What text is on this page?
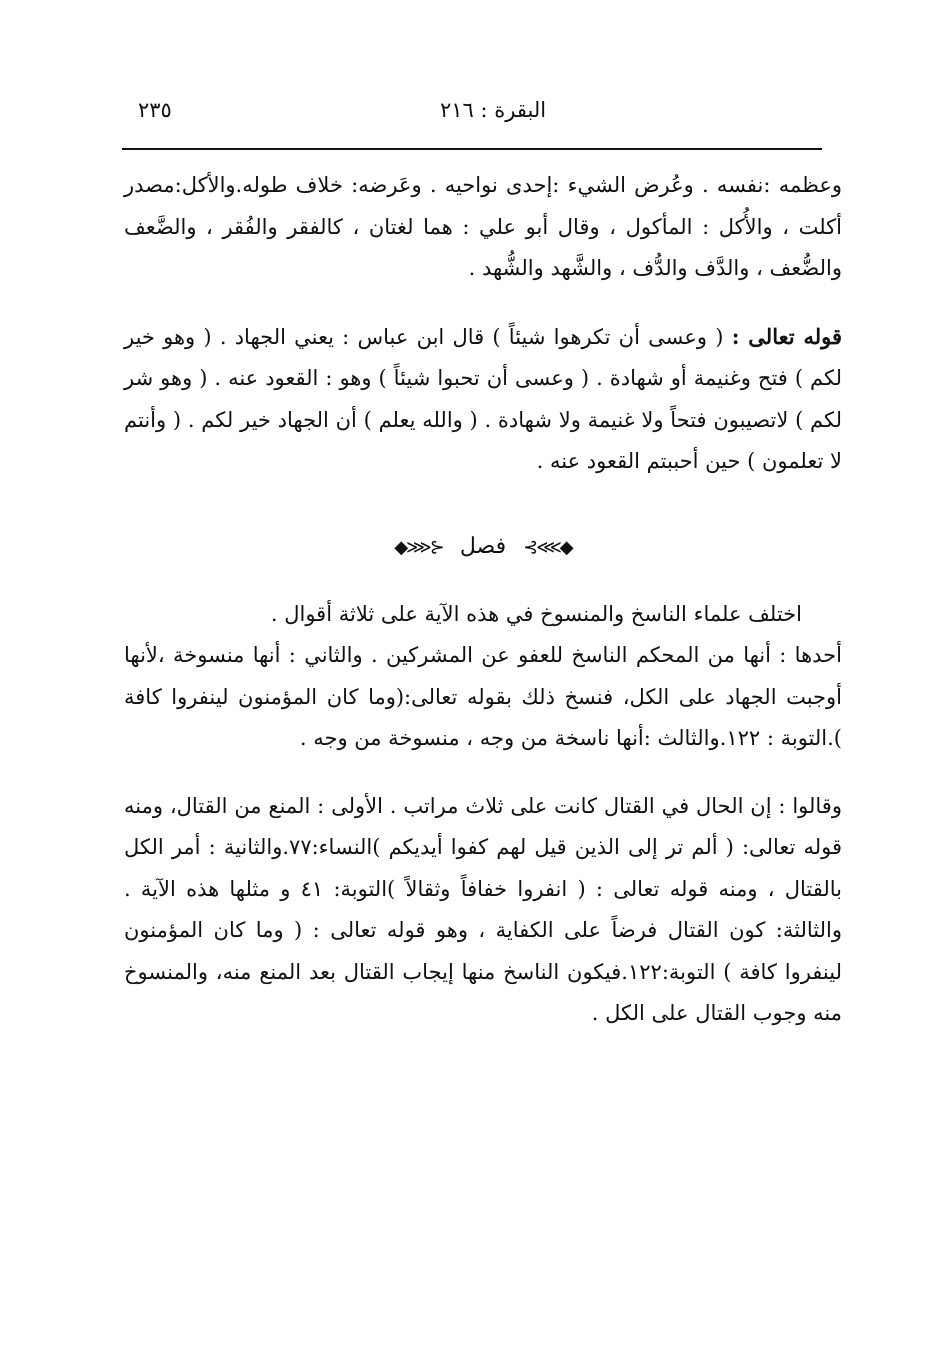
٢٣٥	البقرة : ٢١٦

وعظمه :نفسه . وعُرض الشيء :إحدى نواحيه . وعَرضه: خلاف طوله.والأكل:مصدر أكلت ، والأُكل : المأكول ، وقال أبو علي : هما لغتان ، كالفقر والفُقر ، والضَّعف والضُّعف ، والدَّف والدُّف ، والشَّهد والشُّهد .

قوله تعالى : ( وعسى أن تكرهوا شيئاً ) قال ابن عباس : يعني الجهاد . ( وهو خير لكم ) فتح وغنيمة أو شهادة . ( وعسى أن تحبوا شيئاً ) وهو : القعود عنه . ( وهو شر لكم ) لاتصيبون فتحاً ولا غنيمة ولا شهادة . ( والله يعلم ) أن الجهاد خير لكم . ( وأنتم لا تعلمون ) حين أحببتم القعود عنه .

◆⋙⊱ فصل ⊰⋘◆

اختلف علماء الناسخ والمنسوخ في هذه الآية على ثلاثة أقوال .

أحدها : أنها من المحكم الناسخ للعفو عن المشركين . والثاني : أنها منسوخة ،لأنها أوجبت الجهاد على الكل، فنسخ ذلك بقوله تعالى:(وما كان المؤمنون لينفروا كافة ).التوبة : ١٢٢.والثالث :أنها ناسخة من وجه ، منسوخة من وجه .

وقالوا : إن الحال في القتال كانت على ثلاث مراتب . الأولى : المنع من القتال، ومنه قوله تعالى: ( ألم تر إلى الذين قيل لهم كفوا أيديكم )النساء:٧٧.والثانية : أمر الكل بالقتال ، ومنه قوله تعالى : ( انفروا خفافاً وثقالاً )التوبة: ٤١ و مثلها هذه الآية . والثالثة: كون القتال فرضاً على الكفاية ، وهو قوله تعالى : ( وما كان المؤمنون لينفروا كافة ) التوبة:١٢٢.فيكون الناسخ منها إيجاب القتال بعد المنع منه، والمنسوخ منه وجوب القتال على الكل .
